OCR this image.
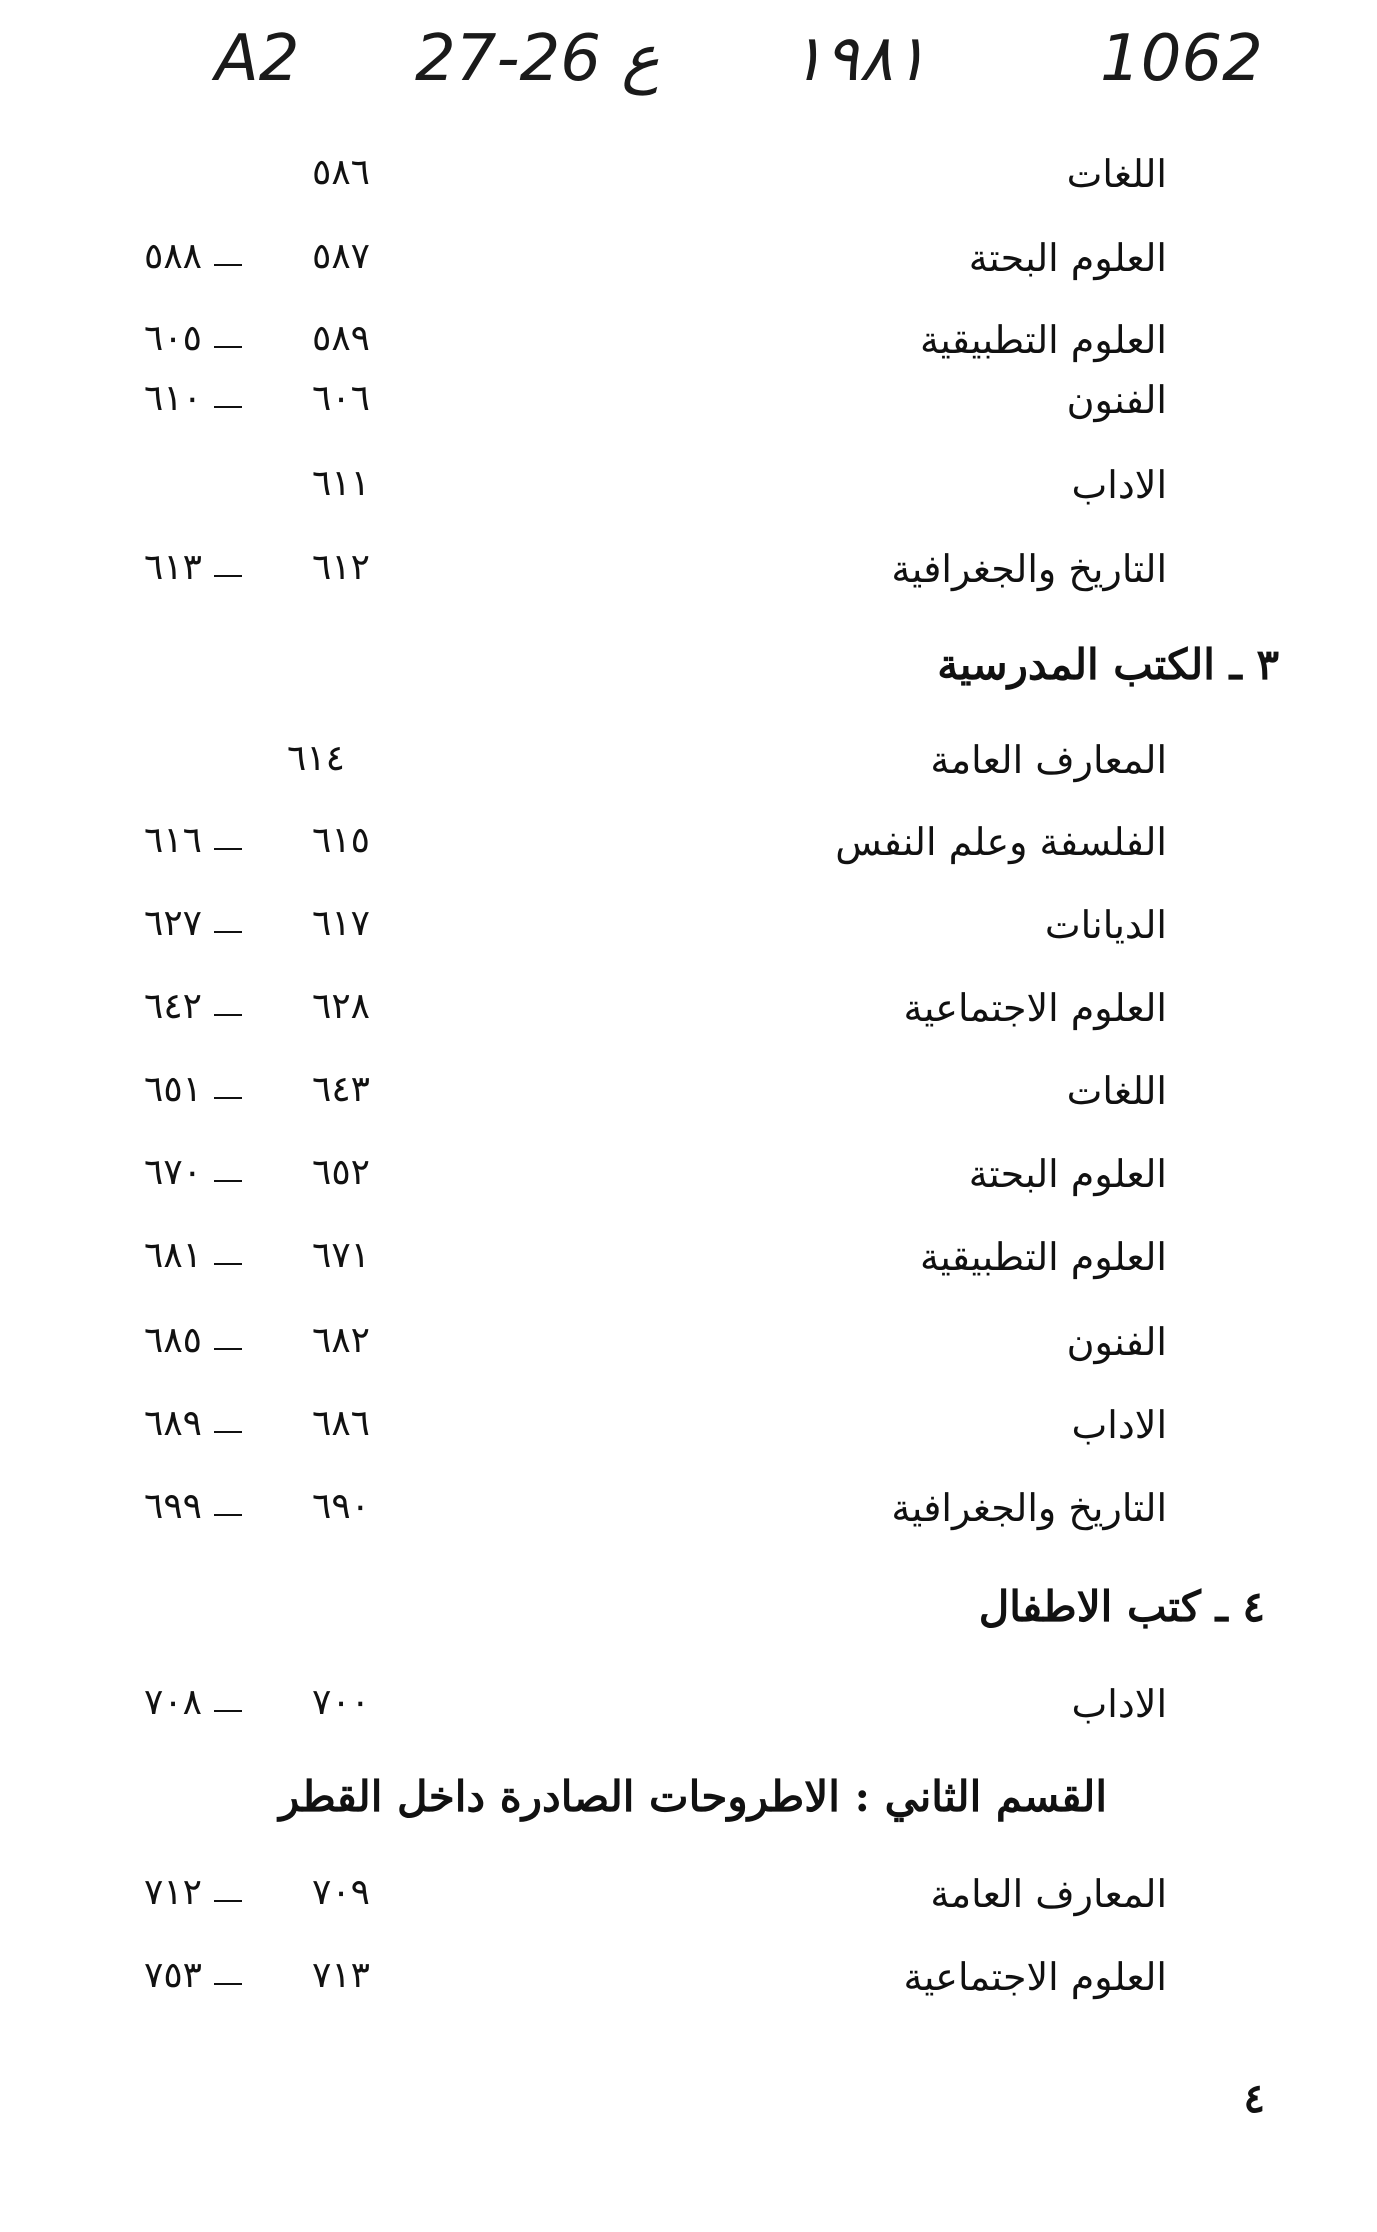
A2 27-26 ع ١٩٨١	1062
اللغات
٥٨٦
العلوم البحتة
٥٨٧
٥٨٨
العلوم التطبيقية
٥٨٩
٦٠٥
الفنون
٦٠٦
٦١٠
الاداب
٦١١
التاريخ والجغرافية
٦١٢
٦١٣
٣ ـ الكتب المدرسية
المعارف العامة
٦١٤
الفلسفة وعلم النفس
٦١٥
٦١٦
الديانات
٦١٧
٦٢٧
العلوم الاجتماعية
٦٢٨
٦٤٢
اللغات
٦٤٣
٦٥١
العلوم البحتة
٦٥٢
٦٧٠
العلوم التطبيقية
٦٧١
٦٨١
الفنون
٦٨٢
٦٨٥
الاداب
٦٨٦
٦٨٩
التاريخ والجغرافية
٦٩٠
٦٩٩
٤ ـ كتب الاطفال
الاداب
٧٠٠
٧٠٨
القسم الثاني : الاطروحات الصادرة داخل القطر
المعارف العامة
٧٠٩
٧١٢
العلوم الاجتماعية
٧١٣
٧٥٣
٤
